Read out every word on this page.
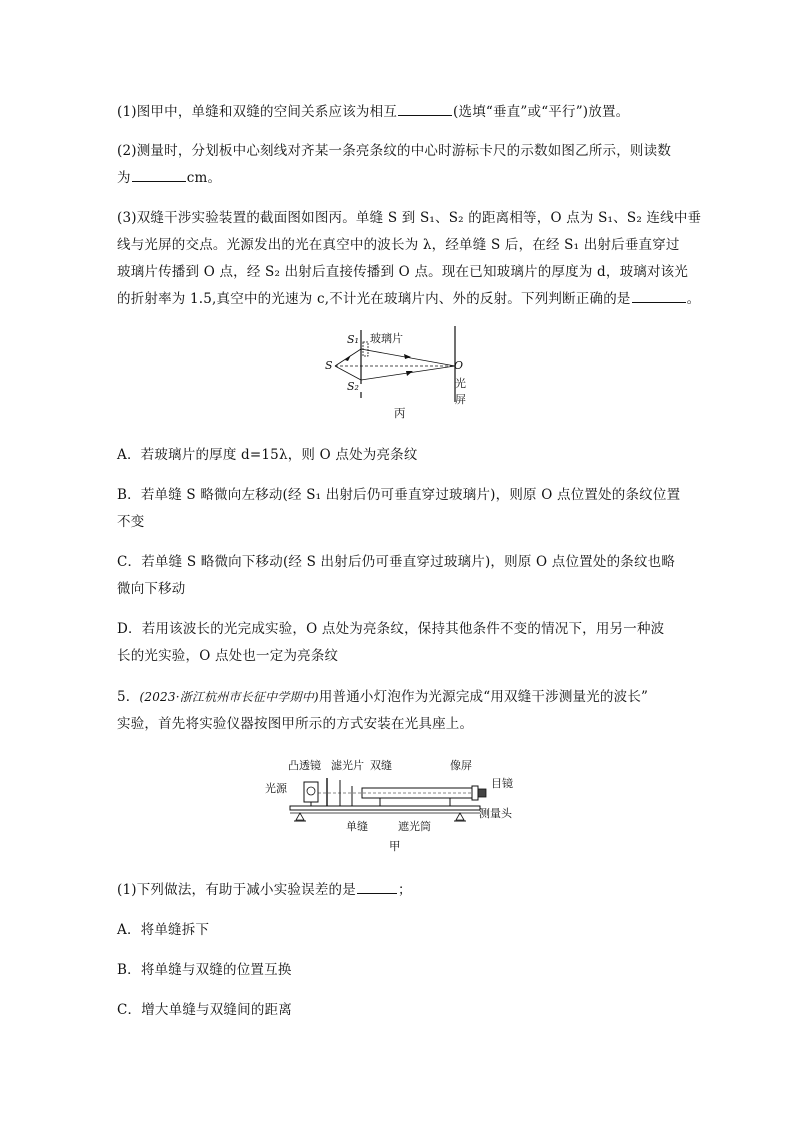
(1)图甲中，单缝和双缝的空间关系应该为相互	(选填“垂直”或“平行”)放置。
(2)测量时，分划板中心刻线对齐某一条亮条纹的中心时游标卡尺的示数如图乙所示，则读数
为	cm。
(3)双缝干涉实验装置的截面图如图丙。单缝 S 到 S₁、S₂ 的距离相等，O 点为 S₁、S₂ 连线中垂
线与光屏的交点。光源发出的光在真空中的波长为 λ，经单缝 S 后，在经 S₁ 出射后垂直穿过
玻璃片传播到 O 点，经 S₂ 出射后直接传播到 O 点。现在已知玻璃片的厚度为 d，玻璃对该光
的折射率为 1.5,真空中的光速为 c,不计光在玻璃片内、外的反射。下列判断正确的是	。
S₁ 玻璃片
S
S₂
O
光
屏
丙
A．若玻璃片的厚度 d=15λ，则 O 点处为亮条纹
B．若单缝 S 略微向左移动(经 S₁ 出射后仍可垂直穿过玻璃片)，则原 O 点位置处的条纹位置
不变
C．若单缝 S 略微向下移动(经 S 出射后仍可垂直穿过玻璃片)，则原 O 点位置处的条纹也略
微向下移动
D．若用该波长的光完成实验，O 点处为亮条纹，保持其他条件不变的情况下，用另一种波
长的光实验，O 点处也一定为亮条纹
5．(2023·浙江杭州市长征中学期中)用普通小灯泡作为光源完成“用双缝干涉测量光的波长”
实验，首先将实验仪器按图甲所示的方式安装在光具座上。
凸透镜 滤光片 双缝	像屏
目镜
光源
单缝	遮光筒
测量头
甲
(1)下列做法，有助于减小实验误差的是	；
A．将单缝拆下
B．将单缝与双缝的位置互换
C．增大单缝与双缝间的距离
